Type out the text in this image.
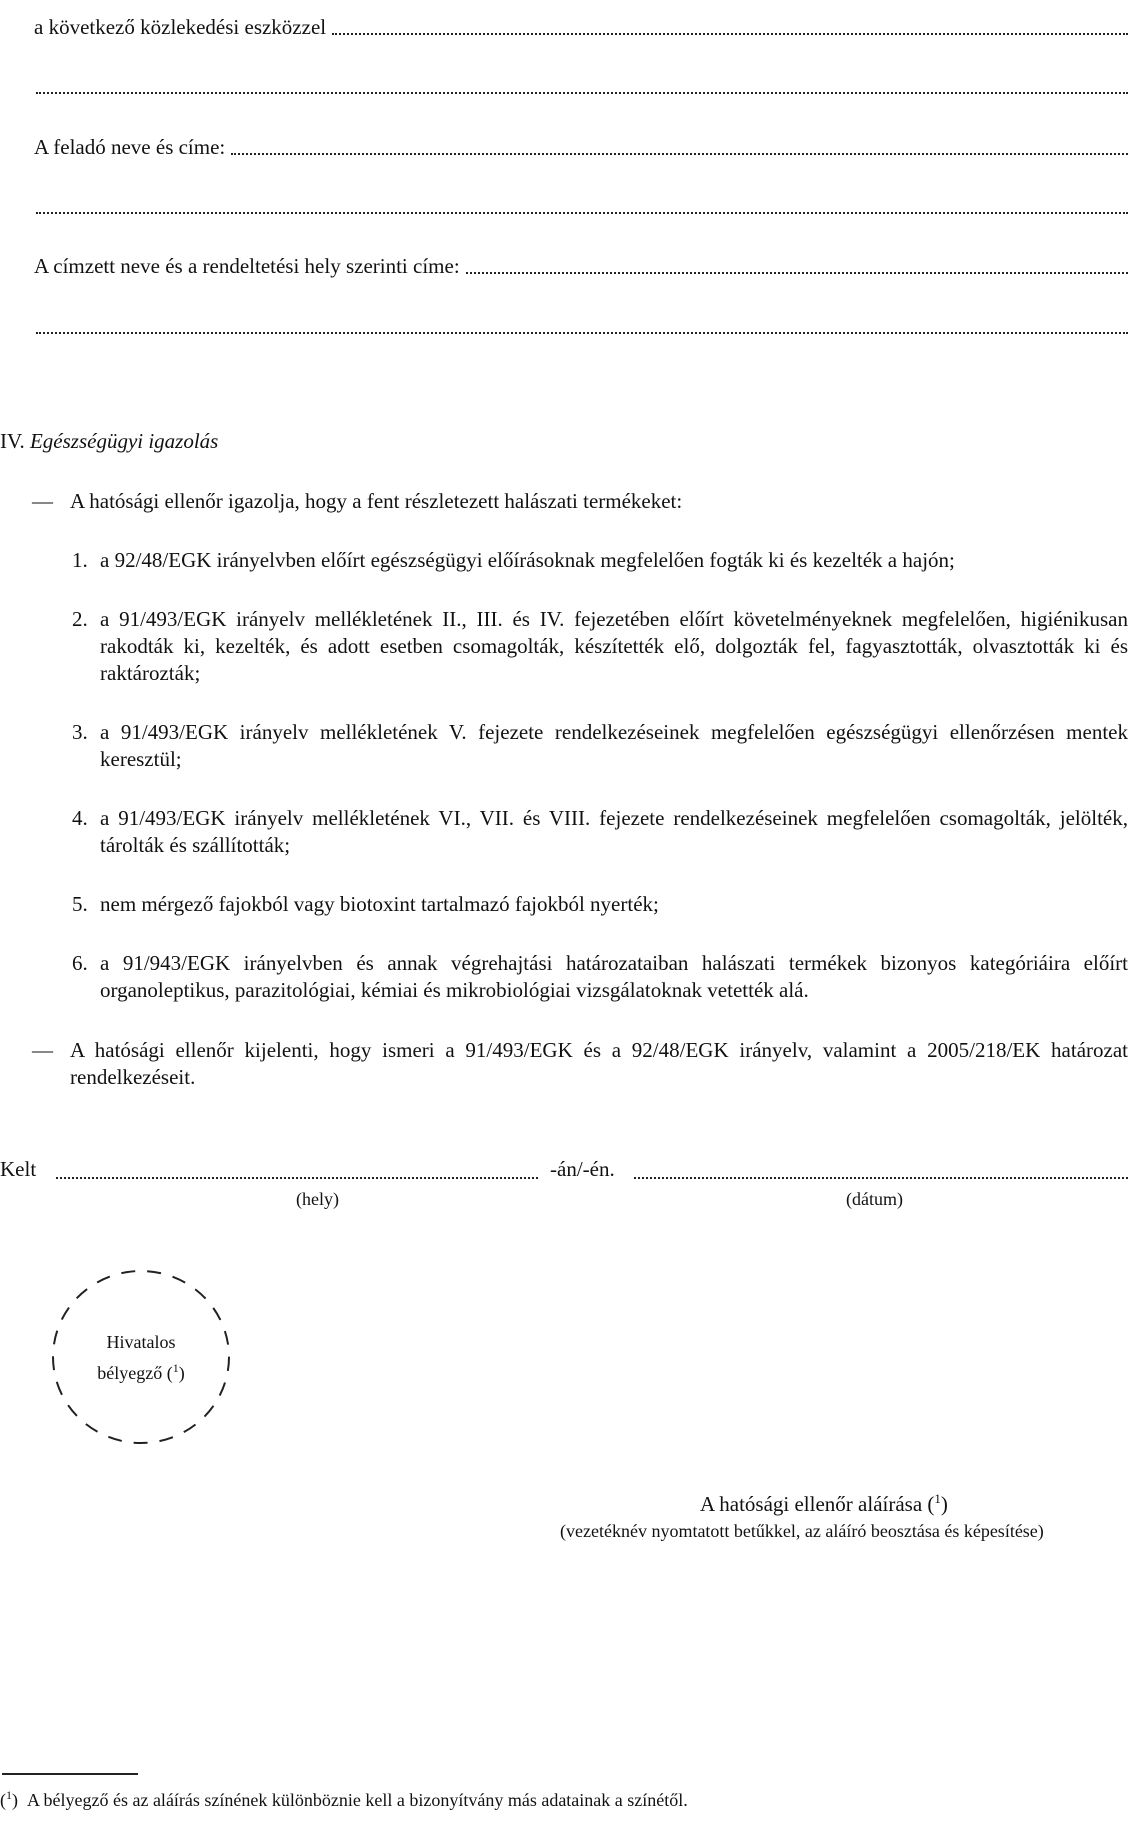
a következő közlekedési eszközzel
A feladó neve és címe:
A címzett neve és a rendeltetési hely szerinti címe:
IV. Egészségügyi igazolás
— A hatósági ellenőr igazolja, hogy a fent részletezett halászati termékeket:
1. a 92/48/EGK irányelvben előírt egészségügyi előírásoknak megfelelően fogták ki és kezelték a hajón;
2. a 91/493/EGK irányelv mellékletének II., III. és IV. fejezetében előírt követelményeknek megfelelően, higiénikusan rakodták ki, kezelték, és adott esetben csomagolták, készítették elő, dolgozták fel, fagyasztották, olvasztották ki és raktározták;
3. a 91/493/EGK irányelv mellékletének V. fejezete rendelkezéseinek megfelelően egészségügyi ellenőrzésen mentek keresztül;
4. a 91/493/EGK irányelv mellékletének VI., VII. és VIII. fejezete rendelkezéseinek megfelelően csomagolták, jelölték, tárolták és szállították;
5. nem mérgező fajokból vagy biotoxint tartalmazó fajokból nyerték;
6. a 91/943/EGK irányelvben és annak végrehajtási határozataiban halászati termékek bizonyos kategóriáira előírt organoleptikus, parazitológiai, kémiai és mikrobiológiai vizsgálatoknak vetették alá.
— A hatósági ellenőr kijelenti, hogy ismeri a 91/493/EGK és a 92/48/EGK irányelv, valamint a 2005/218/EK határozat rendelkezéseit.
Kelt	-án/-én.
(hely)	(dátum)
Hivatalos
bélyegző ($^1$)
A hatósági ellenőr aláírása ($^1$)
(vezetéknév nyomtatott betűkkel, az aláíró beosztása és képesítése)
($^1$) A bélyegző és az aláírás színének különböznie kell a bizonyítvány más adatainak a színétől.
